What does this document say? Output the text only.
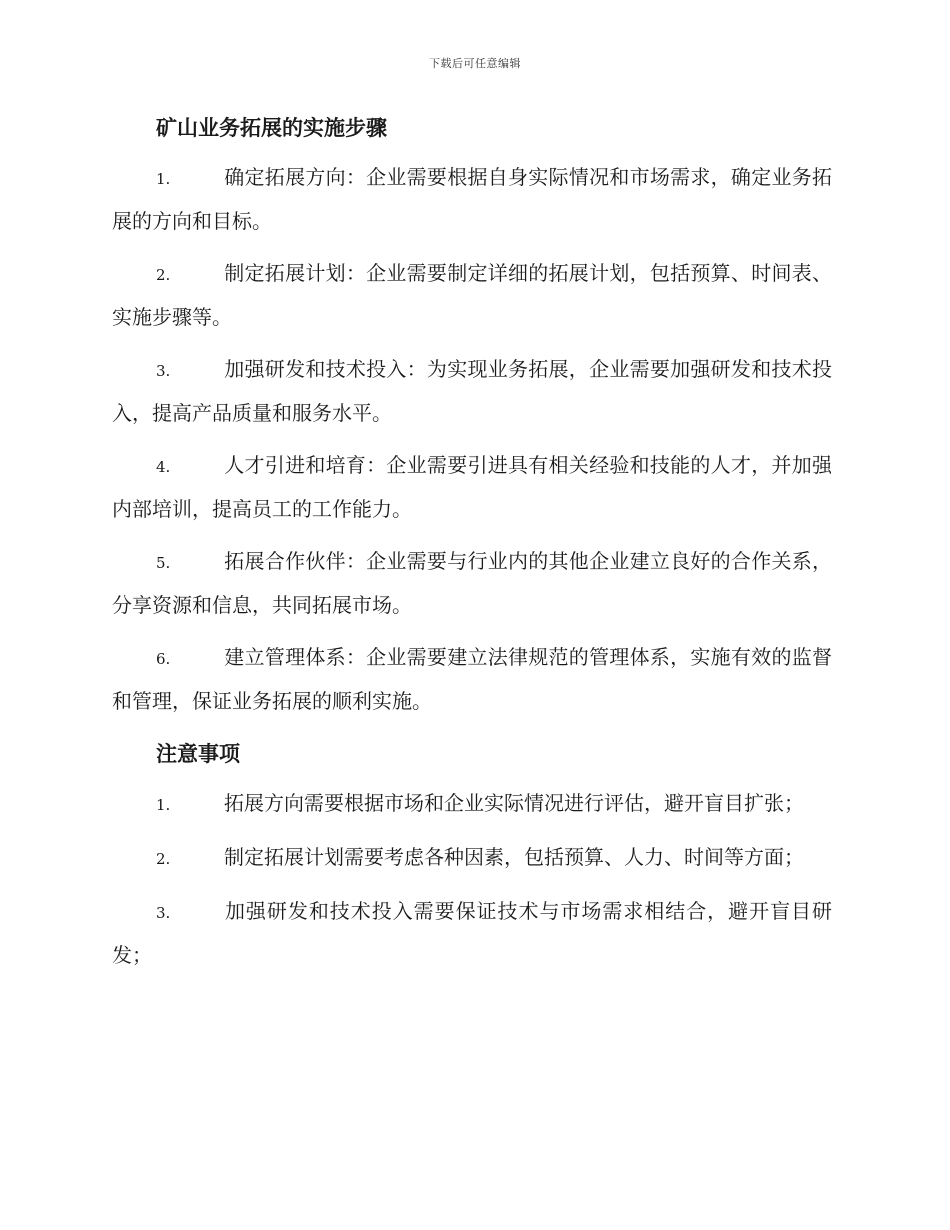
下载后可任意编辑
矿山业务拓展的实施步骤
1.	确定拓展方向：企业需要根据自身实际情况和市场需求，确定业务拓展的方向和目标。
2.	制定拓展计划：企业需要制定详细的拓展计划，包括预算、时间表、实施步骤等。
3.	加强研发和技术投入：为实现业务拓展，企业需要加强研发和技术投入，提高产品质量和服务水平。
4.	人才引进和培育：企业需要引进具有相关经验和技能的人才，并加强内部培训，提高员工的工作能力。
5.	拓展合作伙伴：企业需要与行业内的其他企业建立良好的合作关系，分享资源和信息，共同拓展市场。
6.	建立管理体系：企业需要建立法律规范的管理体系，实施有效的监督和管理，保证业务拓展的顺利实施。
注意事项
1.	拓展方向需要根据市场和企业实际情况进行评估，避开盲目扩张；
2.	制定拓展计划需要考虑各种因素，包括预算、人力、时间等方面；
3.	加强研发和技术投入需要保证技术与市场需求相结合，避开盲目研发；
